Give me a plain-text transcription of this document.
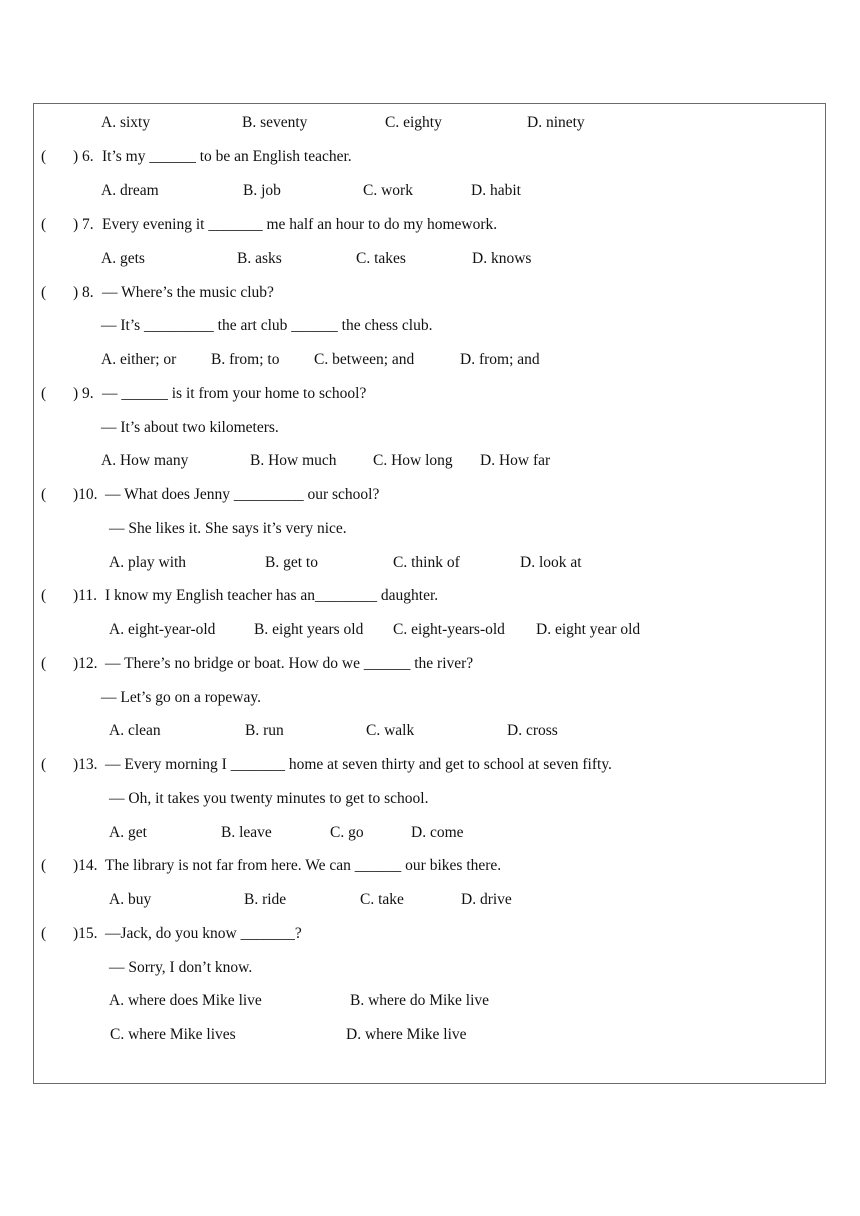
A. sixty	B. seventy	C. eighty	D. ninety
( ) 6. It’s my ______ to be an English teacher.
A. dream	B. job	C. work	D. habit
( ) 7. Every evening it _______ me half an hour to do my homework.
A. gets	B. asks	C. takes	D. knows
( ) 8. — Where’s the music club?
— It’s _________ the art club ______ the chess club.
A. either; or B. from; to C. between; and	D. from; and
( ) 9. — ______ is it from your home to school?
— It’s about two kilometers.
A. How many	B. How much C. How long D. How far
( )10. — What does Jenny _________ our school?
— She likes it. She says it’s very nice.
A. play with	B. get to	C. think of	D. look at
( )11. I know my English teacher has an________ daughter.
A. eight-year-old B. eight years old C. eight-years-old D. eight year old
( )12. — There’s no bridge or boat. How do we ______ the river?
— Let’s go on a ropeway.
A. clean	B. run	C. walk	D. cross
( )13. — Every morning I _______ home at seven thirty and get to school at seven fifty.
— Oh, it takes you twenty minutes to get to school.
A. get	B. leave	C. go	D. come
( )14. The library is not far from here. We can ______ our bikes there.
A. buy	B. ride	C. take	D. drive
( )15. —Jack, do you know _______?
— Sorry, I don’t know.
A. where does Mike live	B. where do Mike live
C. where Mike lives	D. where Mike live
